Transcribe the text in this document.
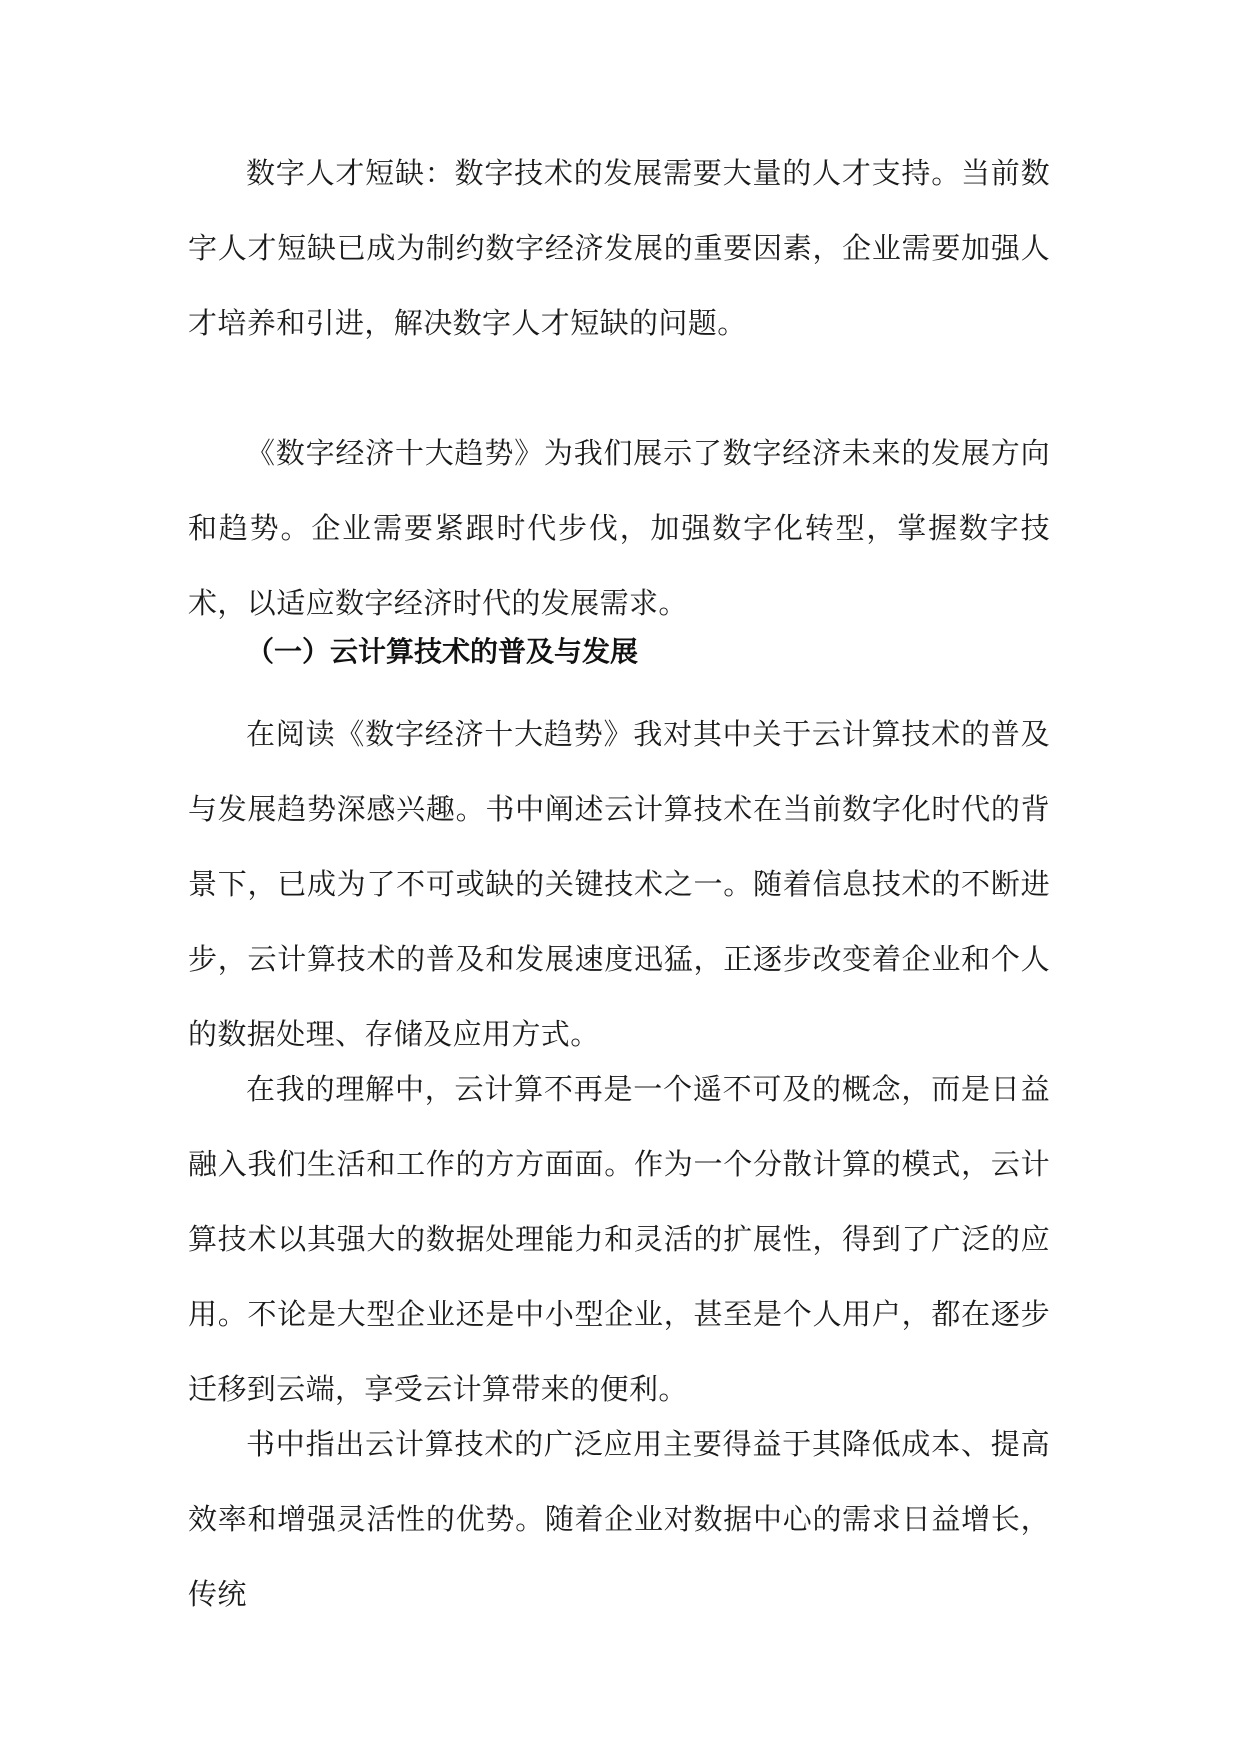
数字人才短缺：数字技术的发展需要大量的人才支持。当前数字人才短缺已成为制约数字经济发展的重要因素，企业需要加强人才培养和引进，解决数字人才短缺的问题。

《数字经济十大趋势》为我们展示了数字经济未来的发展方向和趋势。企业需要紧跟时代步伐，加强数字化转型，掌握数字技术，以适应数字经济时代的发展需求。

（一）云计算技术的普及与发展

在阅读《数字经济十大趋势》我对其中关于云计算技术的普及与发展趋势深感兴趣。书中阐述云计算技术在当前数字化时代的背景下，已成为了不可或缺的关键技术之一。随着信息技术的不断进步，云计算技术的普及和发展速度迅猛，正逐步改变着企业和个人的数据处理、存储及应用方式。

在我的理解中，云计算不再是一个遥不可及的概念，而是日益融入我们生活和工作的方方面面。作为一个分散计算的模式，云计算技术以其强大的数据处理能力和灵活的扩展性，得到了广泛的应用。不论是大型企业还是中小型企业，甚至是个人用户，都在逐步迁移到云端，享受云计算带来的便利。

书中指出云计算技术的广泛应用主要得益于其降低成本、提高效率和增强灵活性的优势。随着企业对数据中心的需求日益增长，传统
